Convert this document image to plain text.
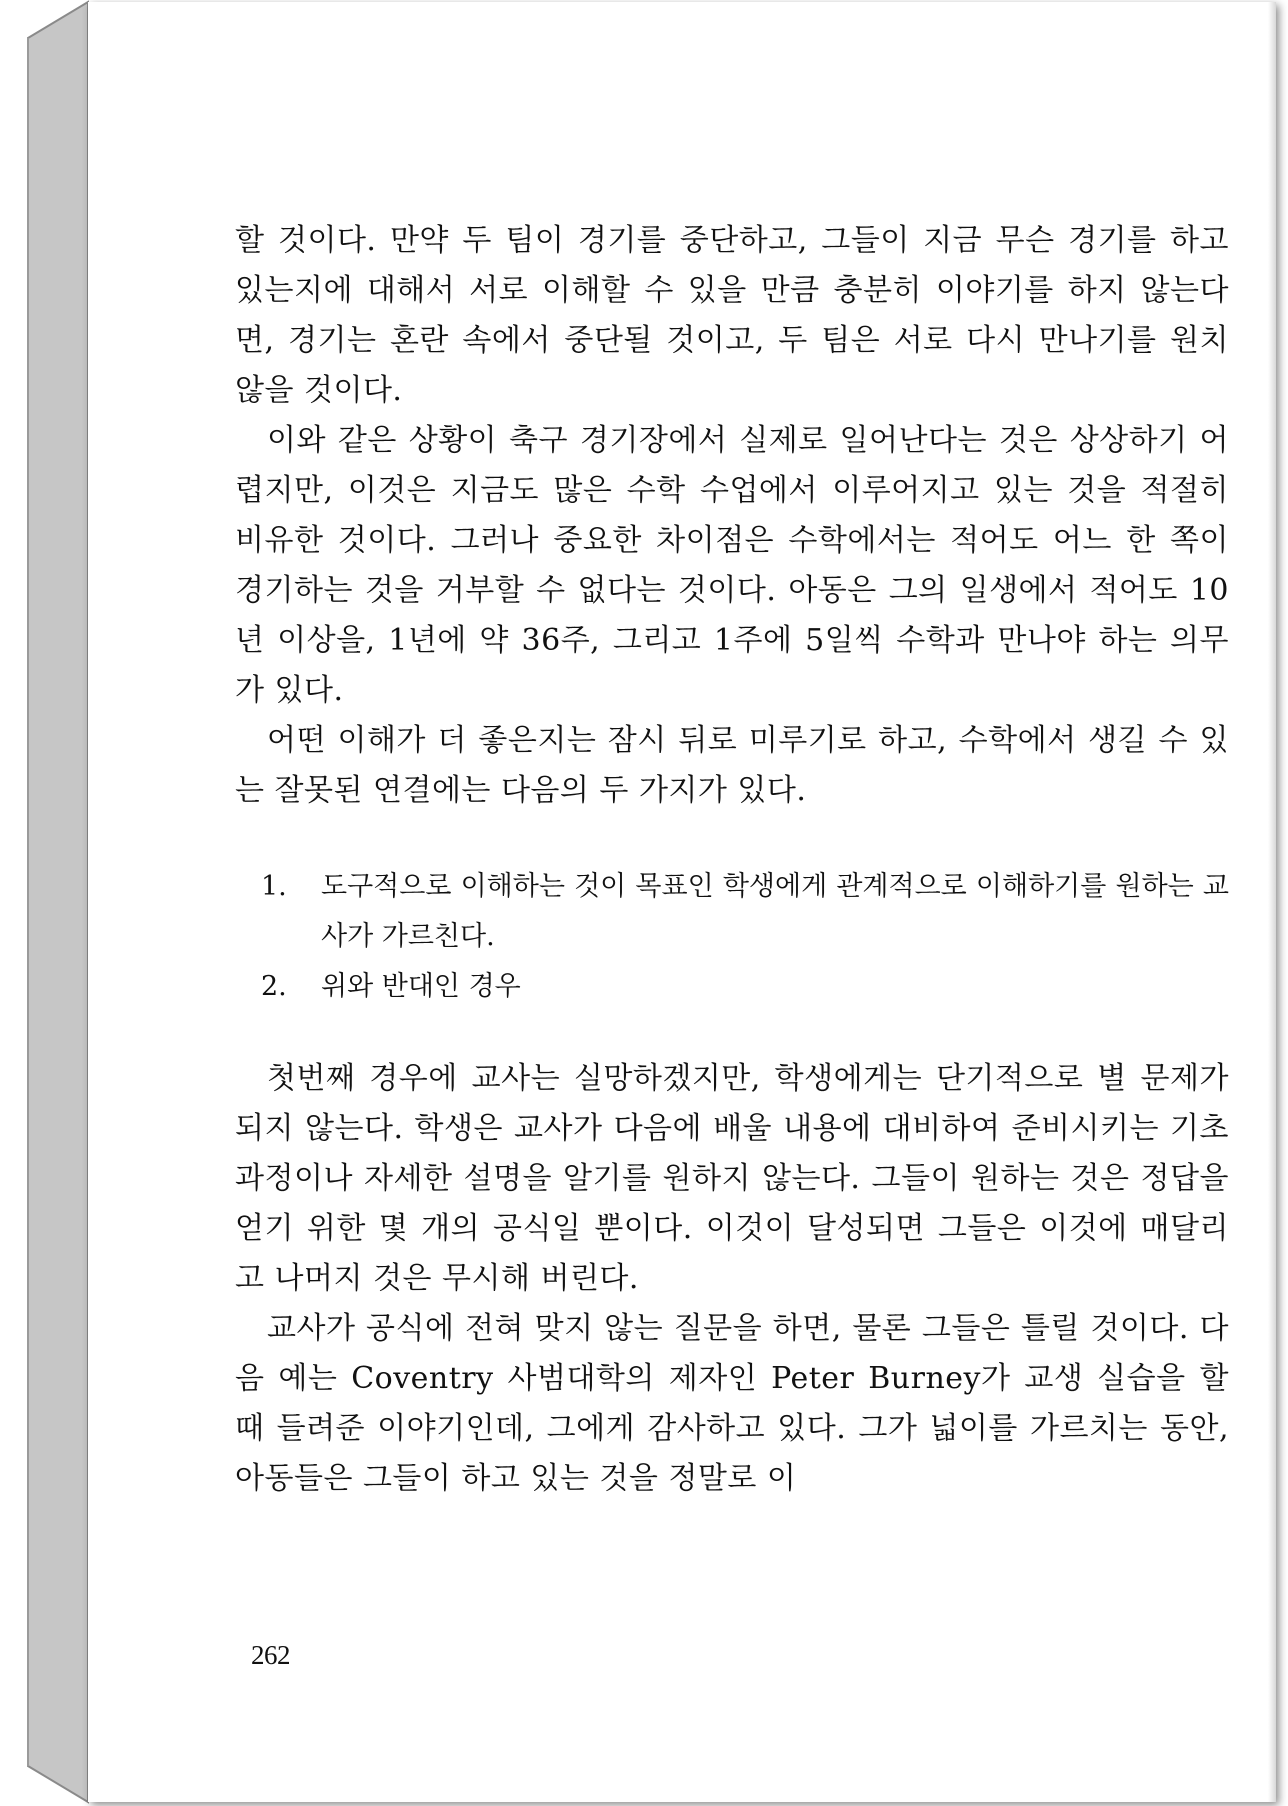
할 것이다. 만약 두 팀이 경기를 중단하고, 그들이 지금 무슨 경기를 하고 있는지에 대해서 서로 이해할 수 있을 만큼 충분히 이야기를 하지 않는다면, 경기는 혼란 속에서 중단될 것이고, 두 팀은 서로 다시 만나기를 원치 않을 것이다.

이와 같은 상황이 축구 경기장에서 실제로 일어난다는 것은 상상하기 어렵지만, 이것은 지금도 많은 수학 수업에서 이루어지고 있는 것을 적절히 비유한 것이다. 그러나 중요한 차이점은 수학에서는 적어도 어느 한 쪽이 경기하는 것을 거부할 수 없다는 것이다. 아동은 그의 일생에서 적어도 10년 이상을, 1년에 약 36주, 그리고 1주에 5일씩 수학과 만나야 하는 의무가 있다.

어떤 이해가 더 좋은지는 잠시 뒤로 미루기로 하고, 수학에서 생길 수 있는 잘못된 연결에는 다음의 두 가지가 있다.

1. 도구적으로 이해하는 것이 목표인 학생에게 관계적으로 이해하기를 원하는 교사가 가르친다.
2. 위와 반대인 경우

첫번째 경우에 교사는 실망하겠지만, 학생에게는 단기적으로 별 문제가 되지 않는다. 학생은 교사가 다음에 배울 내용에 대비하여 준비시키는 기초 과정이나 자세한 설명을 알기를 원하지 않는다. 그들이 원하는 것은 정답을 얻기 위한 몇 개의 공식일 뿐이다. 이것이 달성되면 그들은 이것에 매달리고 나머지 것은 무시해 버린다.

교사가 공식에 전혀 맞지 않는 질문을 하면, 물론 그들은 틀릴 것이다. 다음 예는 Coventry 사범대학의 제자인 Peter Burney가 교생 실습을 할 때 들려준 이야기인데, 그에게 감사하고 있다. 그가 넓이를 가르치는 동안, 아동들은 그들이 하고 있는 것을 정말로 이

262
